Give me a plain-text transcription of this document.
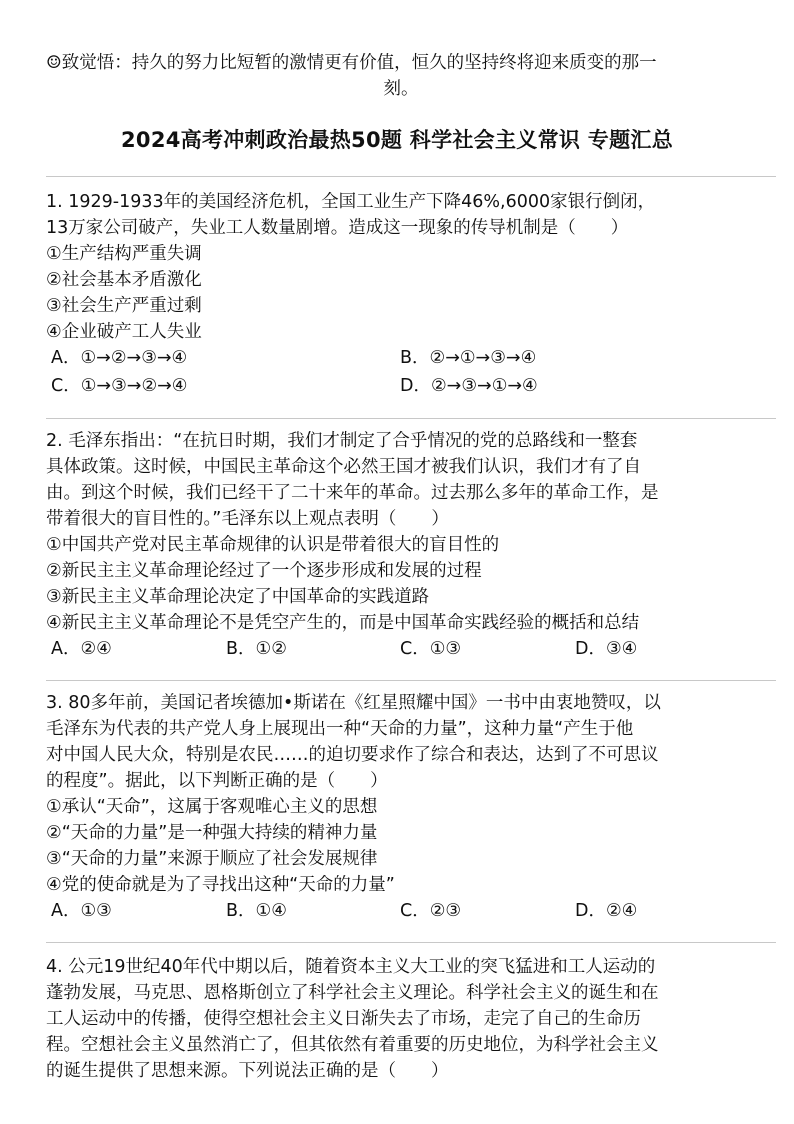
☺致觉悟：持久的努力比短暂的激情更有价值，恒久的坚持终将迎来质变的那一
刻。
2024高考冲刺政治最热50题 科学社会主义常识 专题汇总
1. 1929-1933年的美国经济危机，全国工业生产下降46%,6000家银行倒闭，
13万家公司破产，失业工人数量剧增。造成这一现象的传导机制是（　　）
①生产结构严重失调
②社会基本矛盾激化
③社会生产严重过剩
④企业破产工人失业
A．①→②→③→④	B．②→①→③→④
C．①→③→②→④	D．②→③→①→④
2. 毛泽东指出：“在抗日时期，我们才制定了合乎情况的党的总路线和一整套
具体政策。这时候，中国民主革命这个必然王国才被我们认识，我们才有了自
由。到这个时候，我们已经干了二十来年的革命。过去那么多年的革命工作，是
带着很大的盲目性的。”毛泽东以上观点表明（　　）
①中国共产党对民主革命规律的认识是带着很大的盲目性的
②新民主主义革命理论经过了一个逐步形成和发展的过程
③新民主主义革命理论决定了中国革命的实践道路
④新民主主义革命理论不是凭空产生的，而是中国革命实践经验的概括和总结
A．②④	B．①②	C．①③	D．③④
3. 80多年前，美国记者埃德加•斯诺在《红星照耀中国》一书中由衷地赞叹，以
毛泽东为代表的共产党人身上展现出一种“天命的力量”，这种力量“产生于他
对中国人民大众，特别是农民……的迫切要求作了综合和表达，达到了不可思议
的程度”。据此，以下判断正确的是（　　）
①承认“天命”，这属于客观唯心主义的思想
②“天命的力量”是一种强大持续的精神力量
③“天命的力量”来源于顺应了社会发展规律
④党的使命就是为了寻找出这种“天命的力量”
A．①③	B．①④	C．②③	D．②④
4. 公元19世纪40年代中期以后，随着资本主义大工业的突飞猛进和工人运动的
蓬勃发展，马克思、恩格斯创立了科学社会主义理论。科学社会主义的诞生和在
工人运动中的传播，使得空想社会主义日渐失去了市场，走完了自己的生命历
程。空想社会主义虽然消亡了，但其依然有着重要的历史地位，为科学社会主义
的诞生提供了思想来源。下列说法正确的是（　　）
